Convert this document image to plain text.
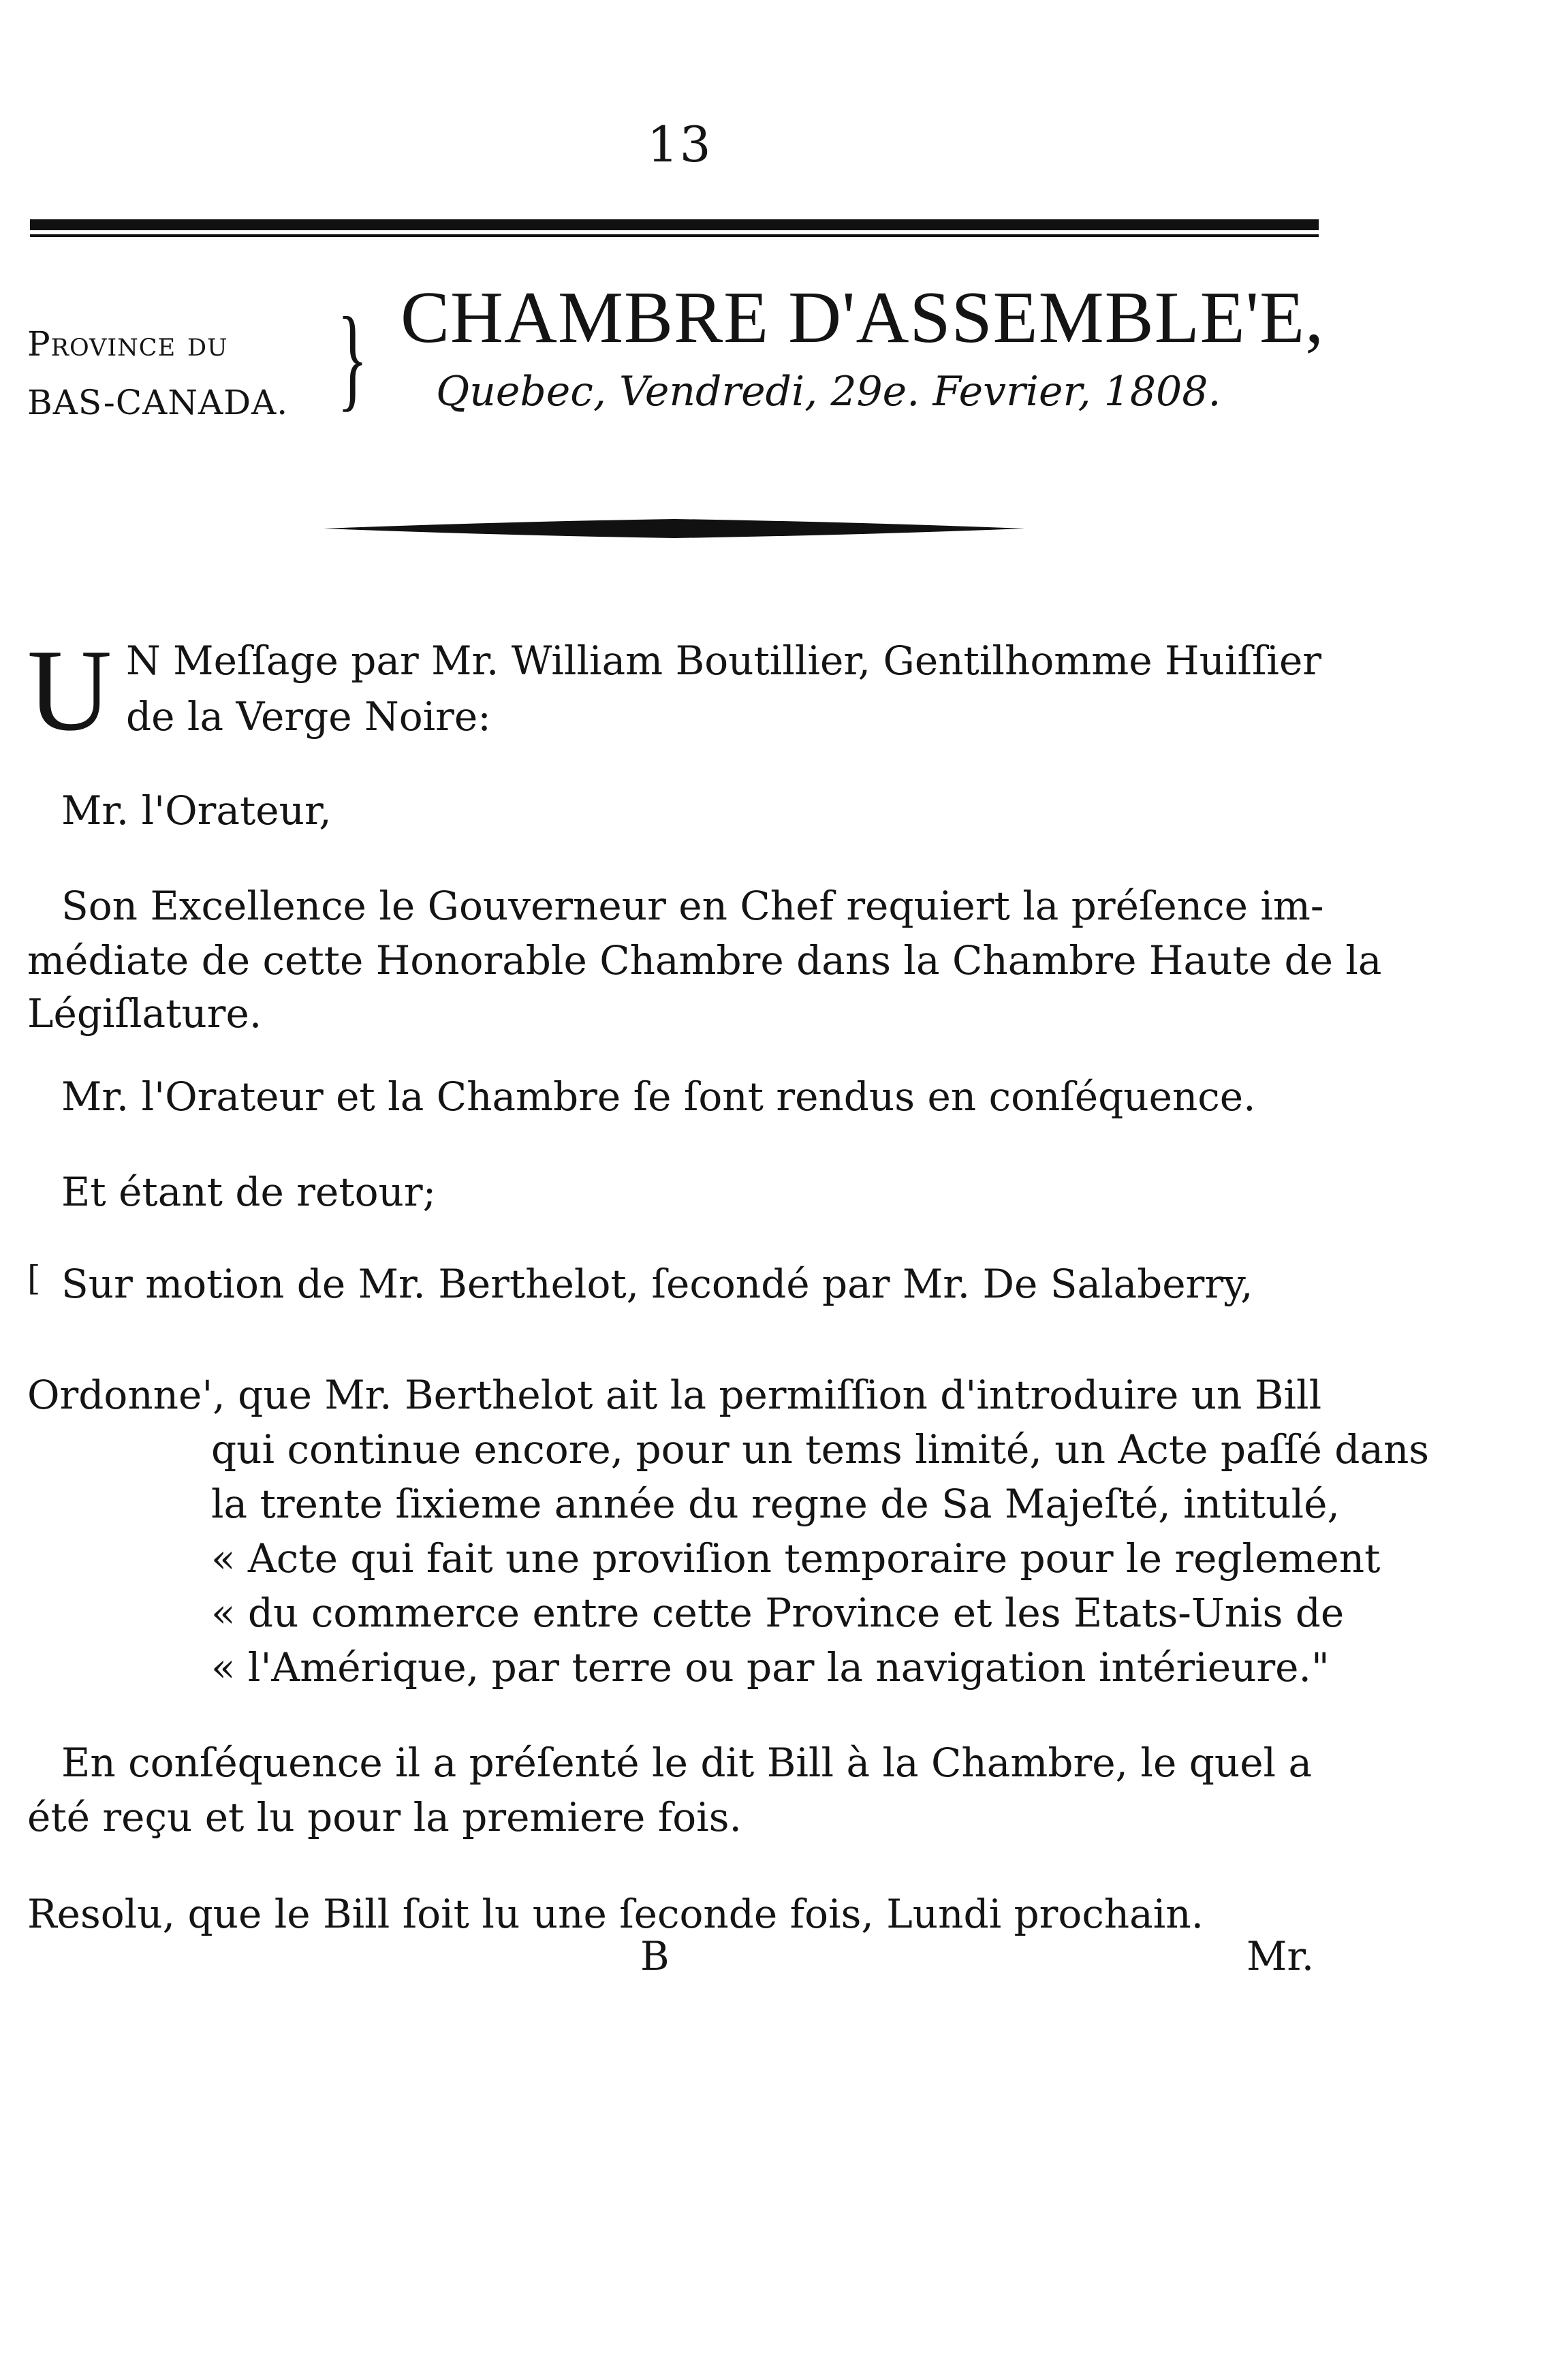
13
Province du
BAS-CANADA. } CHAMBRE D'ASSEMBLE'E,
Quebec, Vendredi, 29e. Fevrier, 1808.
U N Meſſage par Mr. William Boutillier, Gentilhomme Huiſſier
de la Verge Noire:
Mr. l'Orateur,
Son Excellence le Gouverneur en Chef requiert la préſence im-
médiate de cette Honorable Chambre dans la Chambre Haute de la
Légiſlature.
Mr. l'Orateur et la Chambre ſe ſont rendus en conſéquence.
Et étant de retour;
[ Sur motion de Mr. Berthelot, ſecondé par Mr. De Salaberry,
Ordonne', que Mr. Berthelot ait la permiſſion d'introduire un Bill
qui continue encore, pour un tems limité, un Acte paſſé dans
la trente ſixieme année du regne de Sa Majeſté, intitulé,
« Acte qui fait une proviſion temporaire pour le reglement
« du commerce entre cette Province et les Etats-Unis de
« l'Amérique, par terre ou par la navigation intérieure."
En conſéquence il a préſenté le dit Bill à la Chambre, le quel a
été reçu et lu pour la premiere fois.
Resolu, que le Bill ſoit lu une ſeconde fois, Lundi prochain.
B	Mr.
